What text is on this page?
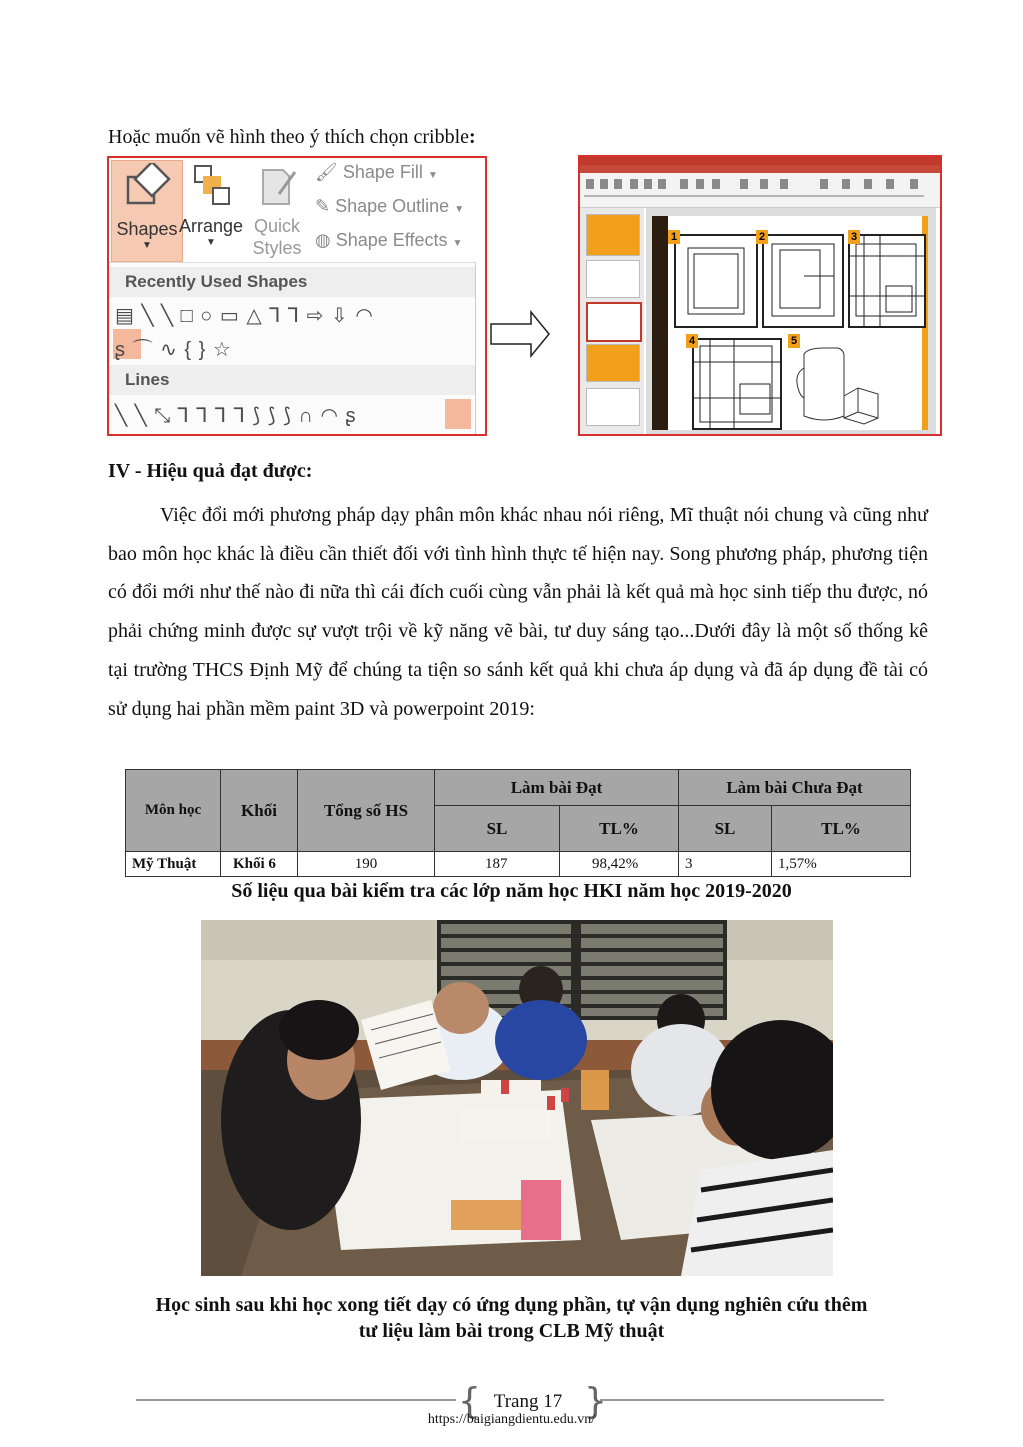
Hoặc muốn vẽ hình theo ý thích chọn cribble:
Shapes
▼
Arrange
▼
Quick
Styles
🖌 Shape Fill ▼
✎ Shape Outline ▼
◍ Shape Effects ▼
Recently Used Shapes
▤ ╲ ╲ □ ○ ▭ △ ⅂ ⅂ ⇨ ⇩ ◠
ʂ ⌒ ∿ { } ☆
Lines
╲ ╲ ⤡ ⅂ ⅂ ⅂ ⅂ ⟆ ⟆ ⟆ ∩ ◠ ʂ
1	2	3
4	5
IV - Hiệu quả đạt được:
Việc đổi mới phương pháp dạy phân môn khác nhau nói riêng, Mĩ thuật nói chung và cũng như bao môn học khác là điều cần thiết đối với tình hình thực tế hiện nay. Song phương pháp, phương tiện có đổi mới như thế nào đi nữa thì cái đích cuối cùng vẫn phải là kết quả mà học sinh tiếp thu được, nó phải chứng minh được sự vượt trội về kỹ năng vẽ bài, tư duy sáng tạo...Dưới đây là một số thống kê tại trường THCS Định Mỹ để chúng ta tiện so sánh kết quả khi chưa áp dụng và đã áp dụng đề tài có sử dụng hai phần mềm paint 3D và powerpoint 2019:
Môn học	Khối	Tổng số HS	Làm bài Đạt		Làm bài Chưa Đạt	
			SL	TL%	SL	TL%
Mỹ Thuật	Khối 6	190	187	98,42%	3	1,57%
Số liệu qua bài kiểm tra các lớp năm học HKI năm học 2019-2020
Học sinh sau khi học xong tiết dạy có ứng dụng phần, tự vận dụng nghiên cứu thêm
tư liệu làm bài trong CLB Mỹ thuật
{	}
Trang 17
https://baigiangdientu.edu.vn/
